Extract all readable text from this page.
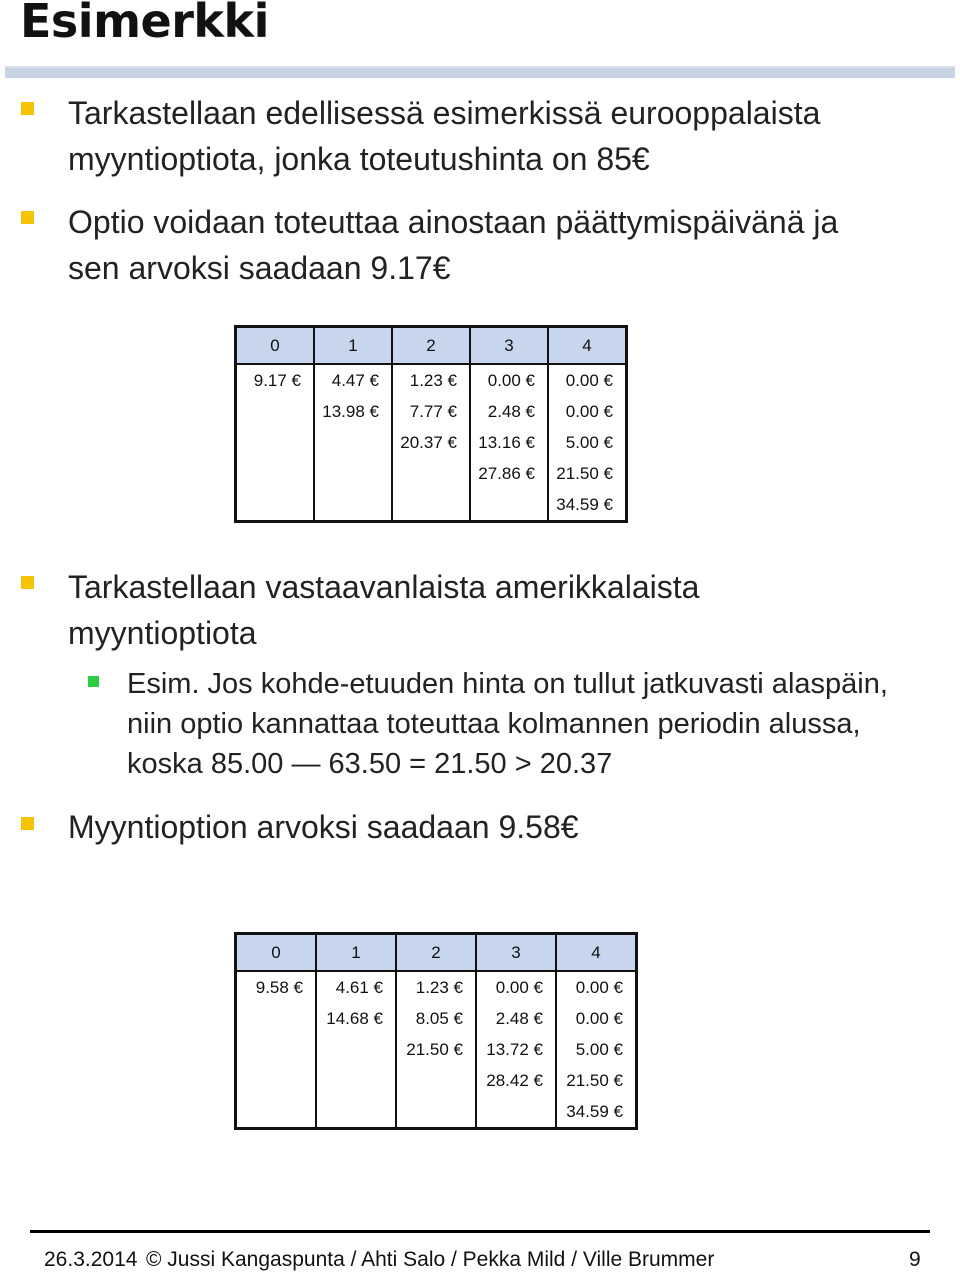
Esimerkki
Tarkastellaan edellisessä esimerkissä eurooppalaista
myyntioptiota, jonka toteutushinta on 85€
Optio voidaan toteuttaa ainostaan päättymispäivänä ja
sen arvoksi saadaan 9.17€
0	1	2	3	4
9.17 €	4.47 €	1.23 €	0.00 €	0.00 €
	13.98 €	7.77 €	2.48 €	0.00 €
		20.37 €	13.16 €	5.00 €
			27.86 €	21.50 €
				34.59 €
Tarkastellaan vastaavanlaista amerikkalaista
myyntioptiota
Esim. Jos kohde-etuuden hinta on tullut jatkuvasti alaspäin,
niin optio kannattaa toteuttaa kolmannen periodin alussa,
koska 85.00 — 63.50 = 21.50 > 20.37
Myyntioption arvoksi saadaan 9.58€
0	1	2	3	4
9.58 €	4.61 €	1.23 €	0.00 €	0.00 €
	14.68 €	8.05 €	2.48 €	0.00 €
		21.50 €	13.72 €	5.00 €
			28.42 €	21.50 €
				34.59 €
26.3.2014 © Jussi Kangaspunta / Ahti Salo / Pekka Mild / Ville Brummer	9
